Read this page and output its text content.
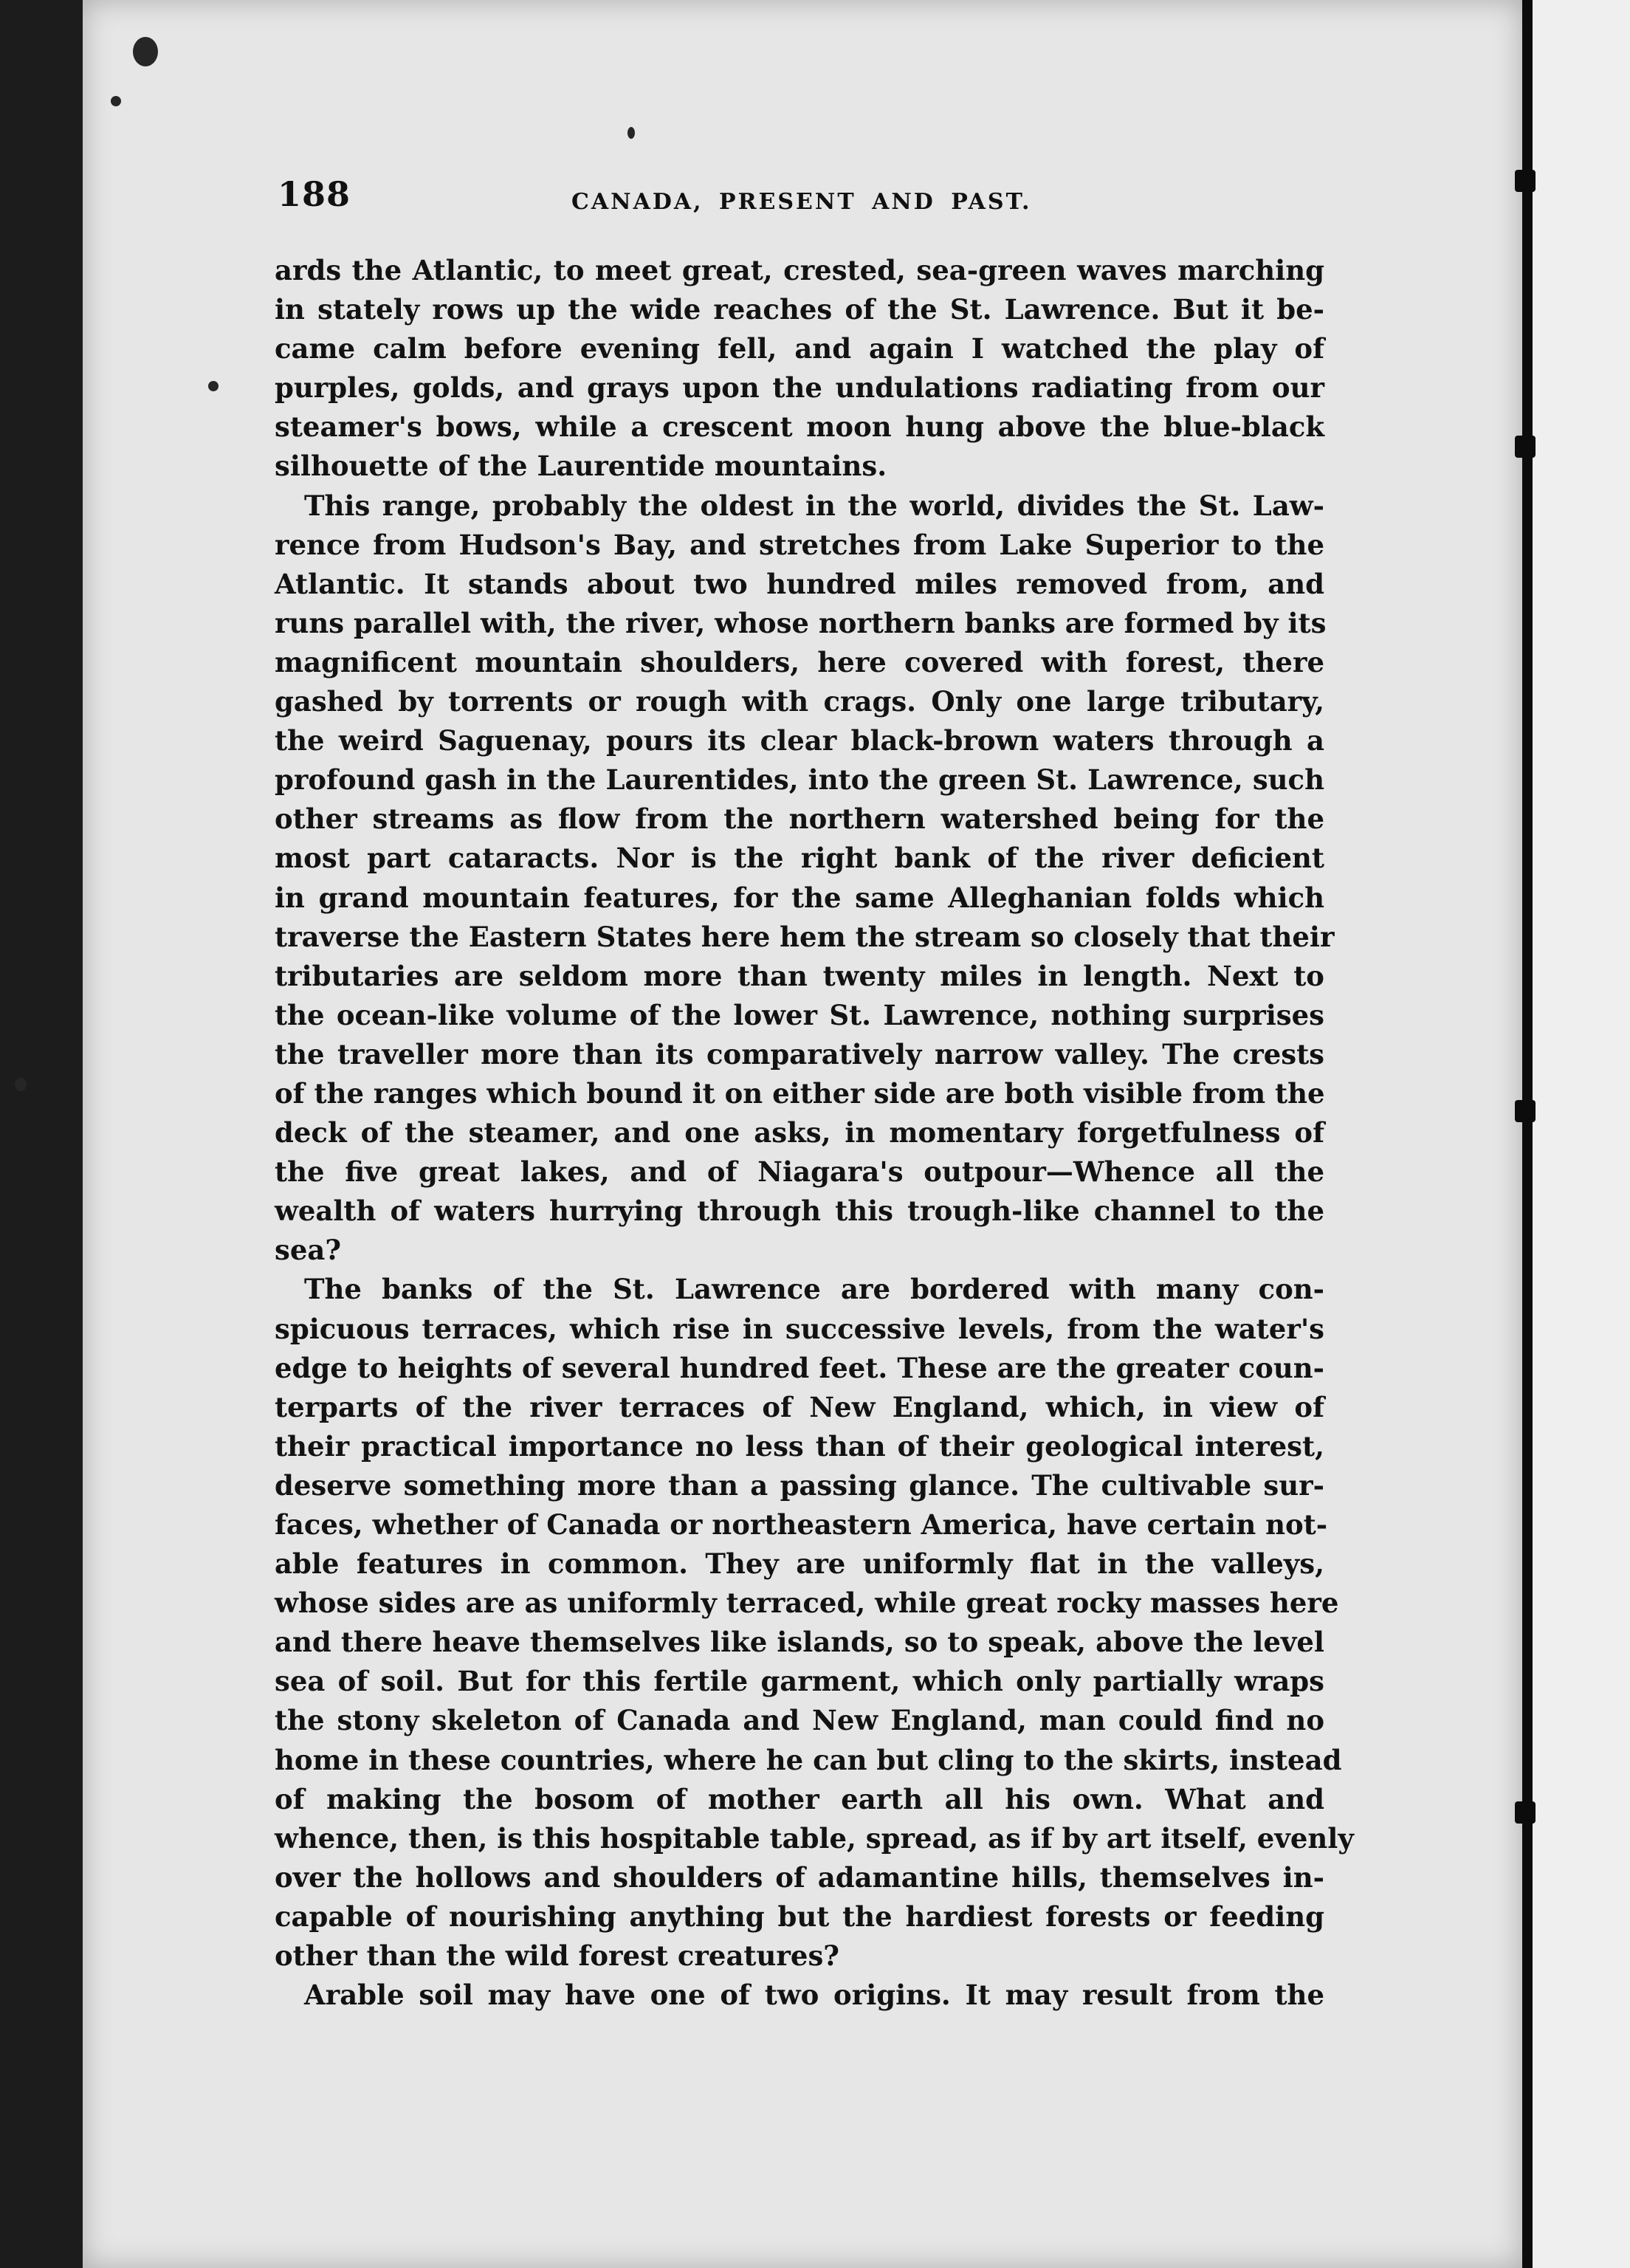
188	CANADA, PRESENT AND PAST.
ards the Atlantic, to meet great, crested, sea-green waves marching
in stately rows up the wide reaches of the St. Lawrence. But it be-
came calm before evening fell, and again I watched the play of
purples, golds, and grays upon the undulations radiating from our
steamer's bows, while a crescent moon hung above the blue-black
silhouette of the Laurentide mountains.
This range, probably the oldest in the world, divides the St. Law-
rence from Hudson's Bay, and stretches from Lake Superior to the
Atlantic. It stands about two hundred miles removed from, and
runs parallel with, the river, whose northern banks are formed by its
magnificent mountain shoulders, here covered with forest, there
gashed by torrents or rough with crags. Only one large tributary,
the weird Saguenay, pours its clear black-brown waters through a
profound gash in the Laurentides, into the green St. Lawrence, such
other streams as flow from the northern watershed being for the
most part cataracts. Nor is the right bank of the river deficient
in grand mountain features, for the same Alleghanian folds which
traverse the Eastern States here hem the stream so closely that their
tributaries are seldom more than twenty miles in length. Next to
the ocean-like volume of the lower St. Lawrence, nothing surprises
the traveller more than its comparatively narrow valley. The crests
of the ranges which bound it on either side are both visible from the
deck of the steamer, and one asks, in momentary forgetfulness of
the five great lakes, and of Niagara's outpour—Whence all the
wealth of waters hurrying through this trough-like channel to the
sea?
The banks of the St. Lawrence are bordered with many con-
spicuous terraces, which rise in successive levels, from the water's
edge to heights of several hundred feet. These are the greater coun-
terparts of the river terraces of New England, which, in view of
their practical importance no less than of their geological interest,
deserve something more than a passing glance. The cultivable sur-
faces, whether of Canada or northeastern America, have certain not-
able features in common. They are uniformly flat in the valleys,
whose sides are as uniformly terraced, while great rocky masses here
and there heave themselves like islands, so to speak, above the level
sea of soil. But for this fertile garment, which only partially wraps
the stony skeleton of Canada and New England, man could find no
home in these countries, where he can but cling to the skirts, instead
of making the bosom of mother earth all his own. What and
whence, then, is this hospitable table, spread, as if by art itself, evenly
over the hollows and shoulders of adamantine hills, themselves in-
capable of nourishing anything but the hardiest forests or feeding
other than the wild forest creatures?
Arable soil may have one of two origins. It may result from the
